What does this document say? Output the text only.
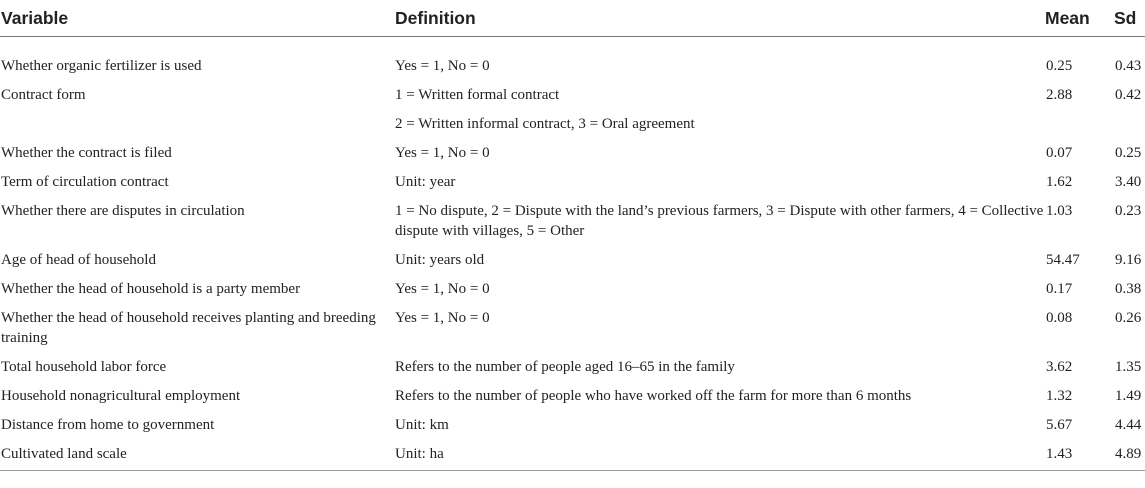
Variable	Definition	Mean	Sd
Whether organic fertilizer is used	Yes = 1, No = 0	0.25	0.43
Contract form	1 = Written formal contract	2.88	0.42
	2 = Written informal contract, 3 = Oral agreement		
Whether the contract is filed	Yes = 1, No = 0	0.07	0.25
Term of circulation contract	Unit: year	1.62	3.40
Whether there are disputes in circulation	1 = No dispute, 2 = Dispute with the land’s previous farmers, 3 = Dispute with other farmers, 4 = Collective dispute with villages, 5 = Other	1.03	0.23
Age of head of household	Unit: years old	54.47	9.16
Whether the head of household is a party member	Yes = 1, No = 0	0.17	0.38
Whether the head of household receives planting and breeding training	Yes = 1, No = 0	0.08	0.26
Total household labor force	Refers to the number of people aged 16–65 in the family	3.62	1.35
Household nonagricultural employment	Refers to the number of people who have worked off the farm for more than 6 months	1.32	1.49
Distance from home to government	Unit: km	5.67	4.44
Cultivated land scale	Unit: ha	1.43	4.89
